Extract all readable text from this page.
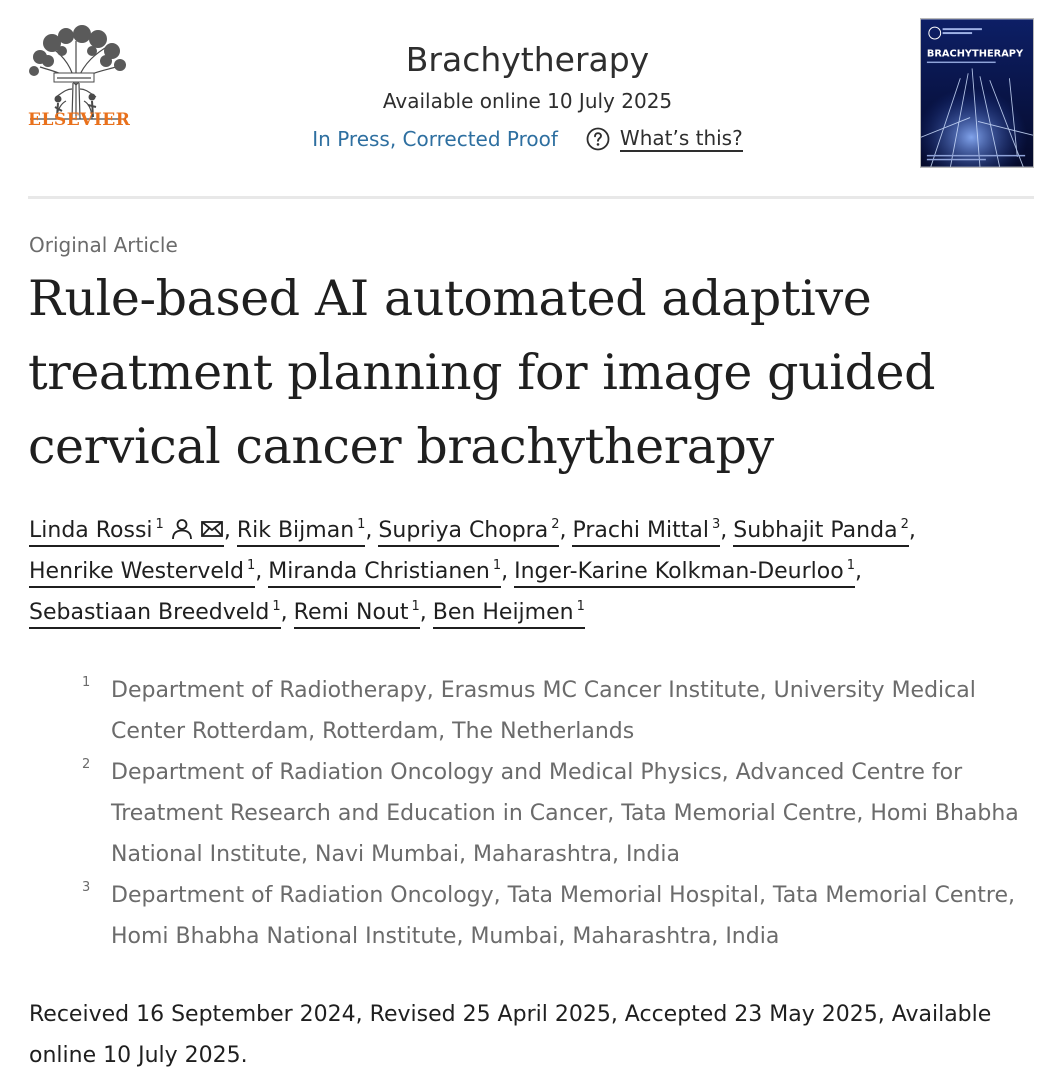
ELSEVIER
Brachytherapy
Available online 10 July 2025
In Press, Corrected Proof	What’s this?
BRACHYTHERAPY
Original Article
Rule-based AI automated adaptive treatment planning for image guided cervical cancer brachytherapy
Linda Rossi $^1$	, Rik Bijman $^1$, Supriya Chopra $^2$, Prachi Mittal $^3$, Subhajit Panda $^2$,
Henrike Westerveld $^1$, Miranda Christianen $^1$, Inger-Karine Kolkman-Deurloo $^1$,
Sebastiaan Breedveld $^1$, Remi Nout $^1$, Ben Heijmen $^1$
1 Department of Radiotherapy, Erasmus MC Cancer Institute, University Medical Center Rotterdam, Rotterdam, The Netherlands
2 Department of Radiation Oncology and Medical Physics, Advanced Centre for Treatment Research and Education in Cancer, Tata Memorial Centre, Homi Bhabha National Institute, Navi Mumbai, Maharashtra, India
3 Department of Radiation Oncology, Tata Memorial Hospital, Tata Memorial Centre, Homi Bhabha National Institute, Mumbai, Maharashtra, India
Received 16 September 2024, Revised 25 April 2025, Accepted 23 May 2025, Available online 10 July 2025.
